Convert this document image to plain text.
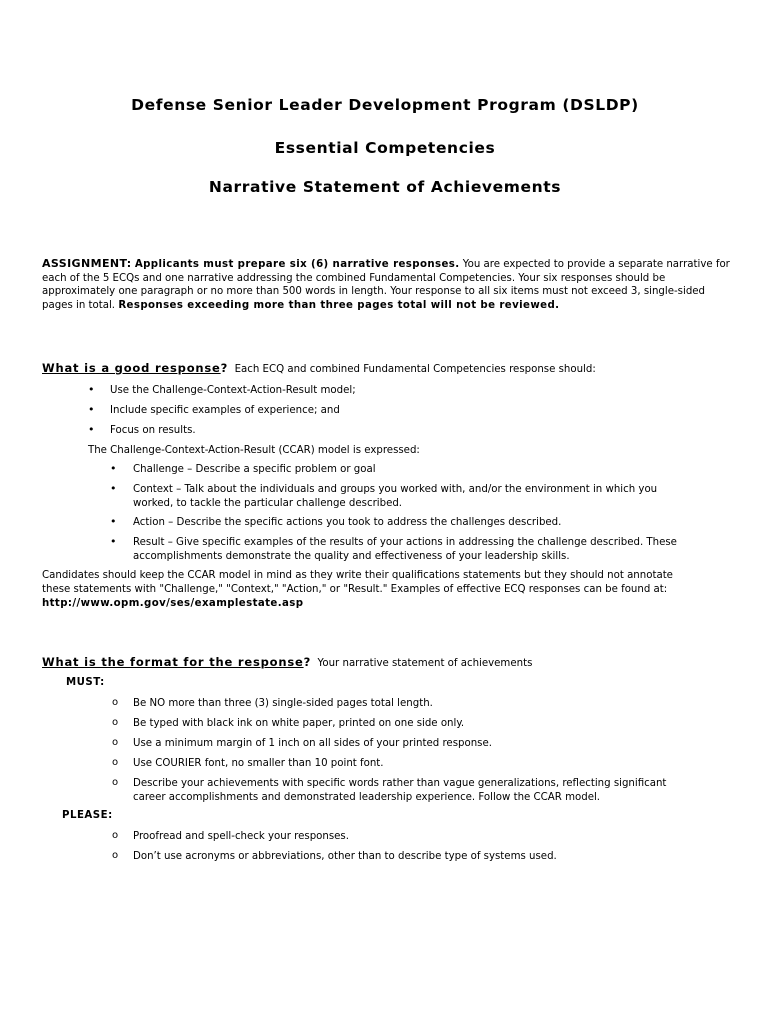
Defense Senior Leader Development Program (DSLDP)
Essential Competencies
Narrative Statement of Achievements
ASSIGNMENT: Applicants must prepare six (6) narrative responses. You are expected to provide a separate narrative for each of the 5 ECQs and one narrative addressing the combined Fundamental Competencies. Your six responses should be approximately one paragraph or no more than 500 words in length. Your response to all six items must not exceed 3, single-sided pages in total. Responses exceeding more than three pages total will not be reviewed.
What is a good response? Each ECQ and combined Fundamental Competencies response should:
• Use the Challenge-Context-Action-Result model;
• Include specific examples of experience; and
• Focus on results.
The Challenge-Context-Action-Result (CCAR) model is expressed:
• Challenge – Describe a specific problem or goal
• Context – Talk about the individuals and groups you worked with, and/or the environment in which you
worked, to tackle the particular challenge described.
• Action – Describe the specific actions you took to address the challenges described.
• Result – Give specific examples of the results of your actions in addressing the challenge described. These
accomplishments demonstrate the quality and effectiveness of your leadership skills.
Candidates should keep the CCAR model in mind as they write their qualifications statements but they should not annotate
these statements with "Challenge," "Context," "Action," or "Result." Examples of effective ECQ responses can be found at:
http://www.opm.gov/ses/examplestate.asp
What is the format for the response? Your narrative statement of achievements
MUST:
o Be NO more than three (3) single-sided pages total length.
o Be typed with black ink on white paper, printed on one side only.
o Use a minimum margin of 1 inch on all sides of your printed response.
o Use COURIER font, no smaller than 10 point font.
o Describe your achievements with specific words rather than vague generalizations, reflecting significant
career accomplishments and demonstrated leadership experience. Follow the CCAR model.
PLEASE:
o Proofread and spell-check your responses.
o Don’t use acronyms or abbreviations, other than to describe type of systems used.
